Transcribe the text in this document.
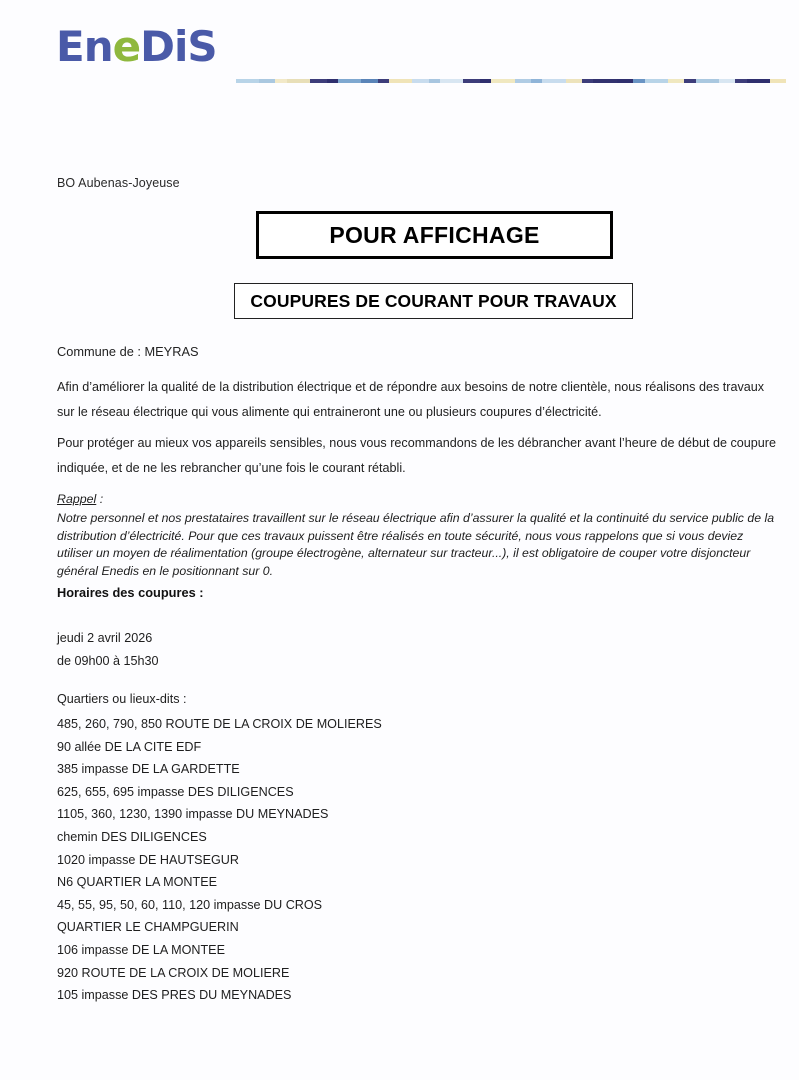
EneDiS
BO Aubenas-Joyeuse
POUR AFFICHAGE
COUPURES DE COURANT POUR TRAVAUX
Commune de : MEYRAS
Afin d’améliorer la qualité de la distribution électrique et de répondre aux besoins de notre clientèle, nous réalisons des travaux sur le réseau électrique qui vous alimente qui entraineront une ou plusieurs coupures d’électricité.
Pour protéger au mieux vos appareils sensibles, nous vous recommandons de les débrancher avant l’heure de début de coupure indiquée, et de ne les rebrancher qu’une fois le courant rétabli.
Rappel :
Notre personnel et nos prestataires travaillent sur le réseau électrique afin d’assurer la qualité et la continuité du service public de la distribution d’électricité. Pour que ces travaux puissent être réalisés en toute sécurité, nous vous rappelons que si vous deviez utiliser un moyen de réalimentation (groupe électrogène, alternateur sur tracteur...), il est obligatoire de couper votre disjoncteur général Enedis en le positionnant sur 0.
Horaires des coupures :
jeudi 2 avril 2026
de 09h00 à 15h30
Quartiers ou lieux-dits :
485, 260, 790, 850 ROUTE DE LA CROIX DE MOLIERES
90 allée DE LA CITE EDF
385 impasse DE LA GARDETTE
625, 655, 695 impasse DES DILIGENCES
1105, 360, 1230, 1390 impasse DU MEYNADES
chemin DES DILIGENCES
1020 impasse DE HAUTSEGUR
N6 QUARTIER LA MONTEE
45, 55, 95, 50, 60, 110, 120 impasse DU CROS
QUARTIER LE CHAMPGUERIN
106 impasse DE LA MONTEE
920 ROUTE DE LA CROIX DE MOLIERE
105 impasse DES PRES DU MEYNADES
